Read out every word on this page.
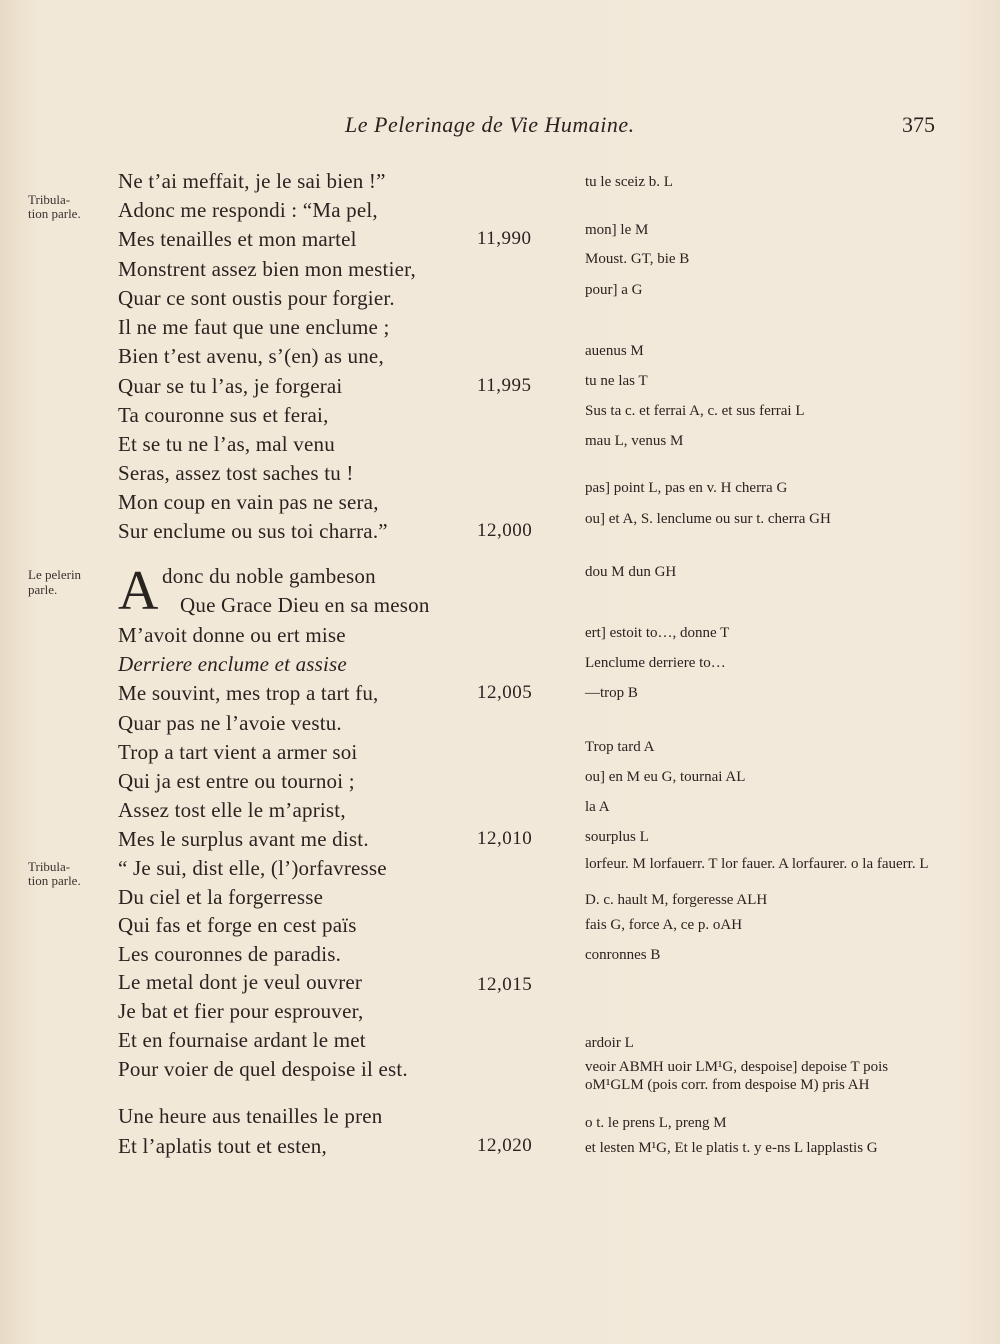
Le Pelerinage de Vie Humaine.	375
Tribula-
tion parle.
Le pelerin
parle.
Tribula-
tion parle.
Ne t’ai meffait, je le sai bien !”
Adonc me respondi : “Ma pel,
Mes tenailles et mon martel
Monstrent assez bien mon mestier,
Quar ce sont oustis pour forgier.
Il ne me faut que une enclume ;
Bien t’est avenu, s’(en) as une,
Quar se tu l’as, je forgerai
Ta couronne sus et ferai,
Et se tu ne l’as, mal venu
Seras, assez tost saches tu !
Mon coup en vain pas ne sera,
Sur enclume ou sus toi charra.”
A donc du noble gambeson
Que Grace Dieu en sa meson
M’avoit donne ou ert mise
Derriere enclume et assise
Me souvint, mes trop a tart fu,
Quar pas ne l’avoie vestu.
Trop a tart vient a armer soi
Qui ja est entre ou tournoi ;
Assez tost elle le m’aprist,
Mes le surplus avant me dist.
“ Je sui, dist elle, (l’)orfavresse
Du ciel et la forgerresse
Qui fas et forge en cest païs
Les couronnes de paradis.
Le metal dont je veul ouvrer
Je bat et fier pour esprouver,
Et en fournaise ardant le met
Pour voier de quel despoise il est.
Une heure aus tenailles le pren
Et l’aplatis tout et esten,
11,990
11,995
12,000
12,005
12,010
12,015
12,020
tu le sceiz b. L
mon] le M
Moust. GT, bie B
pour] a G
auenus M
tu ne las T
Sus ta c. et ferrai A, c. et sus ferrai L
mau L, venus M
pas] point L, pas en v. H cherra G
ou] et A, S. lenclume ou sur t. cherra GH
dou M dun GH
ert] estoit to…, donne T
Lenclume derriere to…
—trop B
Trop tard A
ou] en M eu G, tournai AL
la A
sourplus L
lorfeur. M lorfauerr. T lor fauer. A lorfaurer. o la fauerr. L
D. c. hault M, forgeresse ALH
fais G, force A, ce p. oAH
conronnes B
ardoir L
veoir ABMH uoir LM¹G, despoise] depoise T pois oM¹GLM (pois corr. from despoise M) pris AH
o t. le prens L, preng M
et lesten M¹G, Et le platis t. y e-ns L lapplastis G
